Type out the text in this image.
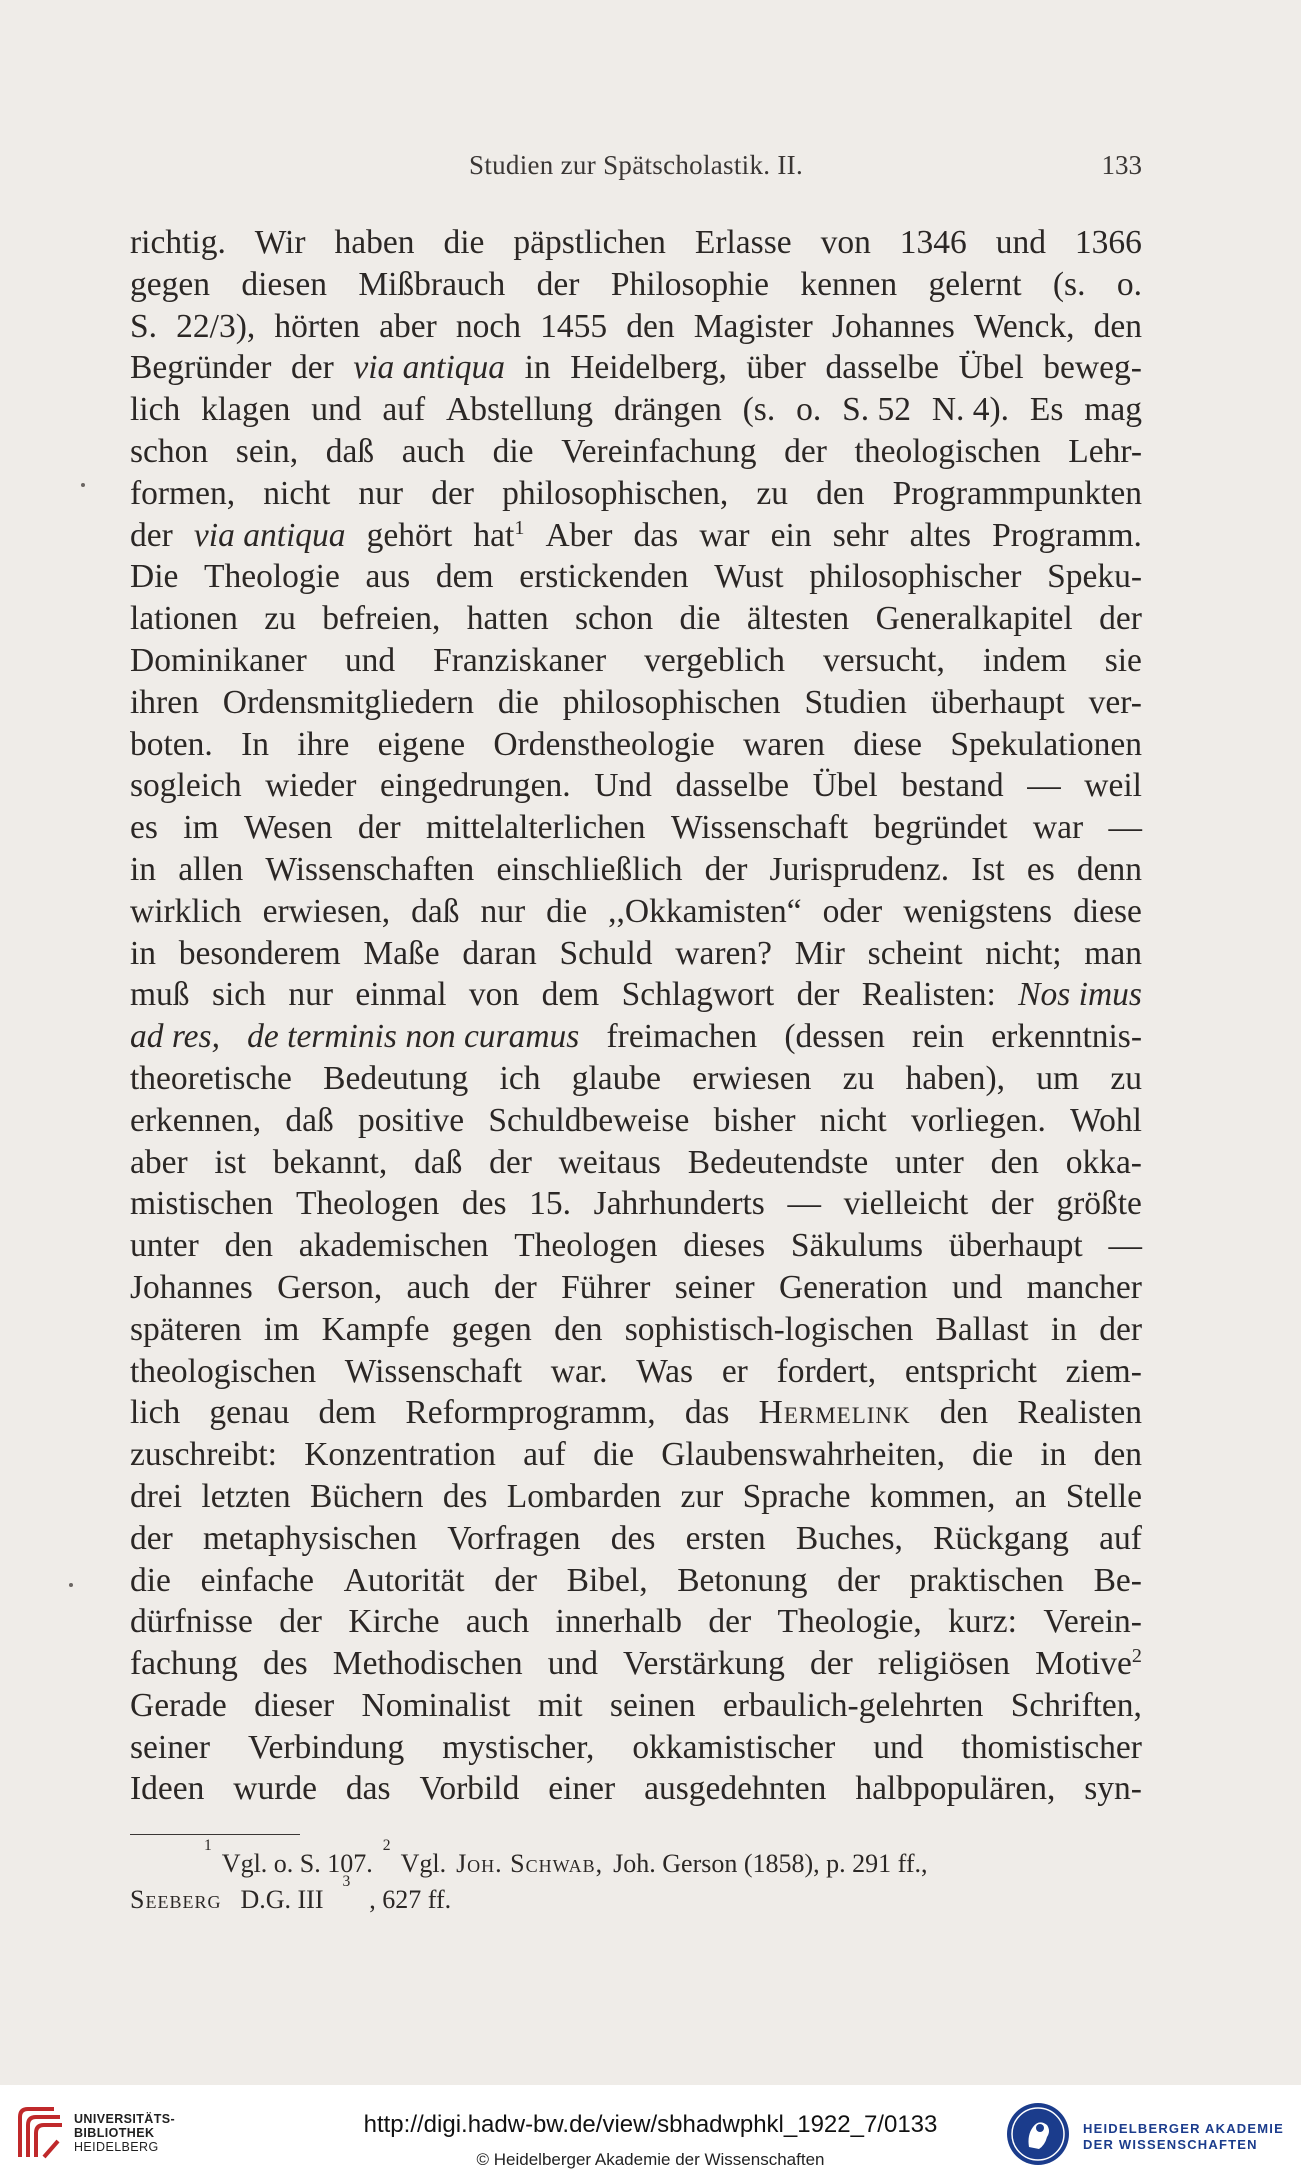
Studien zur Spätscholastik. II.	133
richtig. Wir haben die päpstlichen Erlasse von 1346 und 1366
gegen diesen Mißbrauch der Philosophie kennen gelernt (s. o.
S. 22/3), hörten aber noch 1455 den Magister Johannes Wenck, den
Begründer der via antiqua in Heidelberg, über dasselbe Übel beweg-
lich klagen und auf Abstellung drängen (s. o. S. 52 N. 4). Es mag
schon sein, daß auch die Vereinfachung der theologischen Lehr-
formen, nicht nur der philosophischen, zu den Programmpunkten
der via antiqua gehört hat$^1$ Aber das war ein sehr altes Programm.
Die Theologie aus dem erstickenden Wust philosophischer Speku-
lationen zu befreien, hatten schon die ältesten Generalkapitel der
Dominikaner und Franziskaner vergeblich versucht, indem sie
ihren Ordensmitgliedern die philosophischen Studien überhaupt ver-
boten. In ihre eigene Ordenstheologie waren diese Spekulationen
sogleich wieder eingedrungen. Und dasselbe Übel bestand — weil
es im Wesen der mittelalterlichen Wissenschaft begründet war —
in allen Wissenschaften einschließlich der Jurisprudenz. Ist es denn
wirklich erwiesen, daß nur die ,,Okkamisten“ oder wenigstens diese
in besonderem Maße daran Schuld waren? Mir scheint nicht; man
muß sich nur einmal von dem Schlagwort der Realisten: Nos imus
ad res, de terminis non curamus freimachen (dessen rein erkenntnis-
theoretische Bedeutung ich glaube erwiesen zu haben), um zu
erkennen, daß positive Schuldbeweise bisher nicht vorliegen. Wohl
aber ist bekannt, daß der weitaus Bedeutendste unter den okka-
mistischen Theologen des 15. Jahrhunderts — vielleicht der größte
unter den akademischen Theologen dieses Säkulums überhaupt —
Johannes Gerson, auch der Führer seiner Generation und mancher
späteren im Kampfe gegen den sophistisch-logischen Ballast in der
theologischen Wissenschaft war. Was er fordert, entspricht ziem-
lich genau dem Reformprogramm, das Hermelink den Realisten
zuschreibt: Konzentration auf die Glaubenswahrheiten, die in den
drei letzten Büchern des Lombarden zur Sprache kommen, an Stelle
der metaphysischen Vorfragen des ersten Buches, Rückgang auf
die einfache Autorität der Bibel, Betonung der praktischen Be-
dürfnisse der Kirche auch innerhalb der Theologie, kurz: Verein-
fachung des Methodischen und Verstärkung der religiösen Motive$^2$
Gerade dieser Nominalist mit seinen erbaulich-gelehrten Schriften,
seiner Verbindung mystischer, okkamistischer und thomistischer
Ideen wurde das Vorbild einer ausgedehnten halbpopulären, syn-
1
Vgl. o. S. 107.
2
Vgl. Joh. Schwab, Joh. Gerson (1858), p. 291 ff.,
Seeberg D.G. III
3
, 627 ff.
UNIVERSITÄTS-
BIBLIOTHEK
HEIDELBERG
http://digi.hadw-bw.de/view/sbhadwphkl_1922_7/0133
© Heidelberger Akademie der Wissenschaften
HEIDELBERGER AKADEMIE
DER WISSENSCHAFTEN
